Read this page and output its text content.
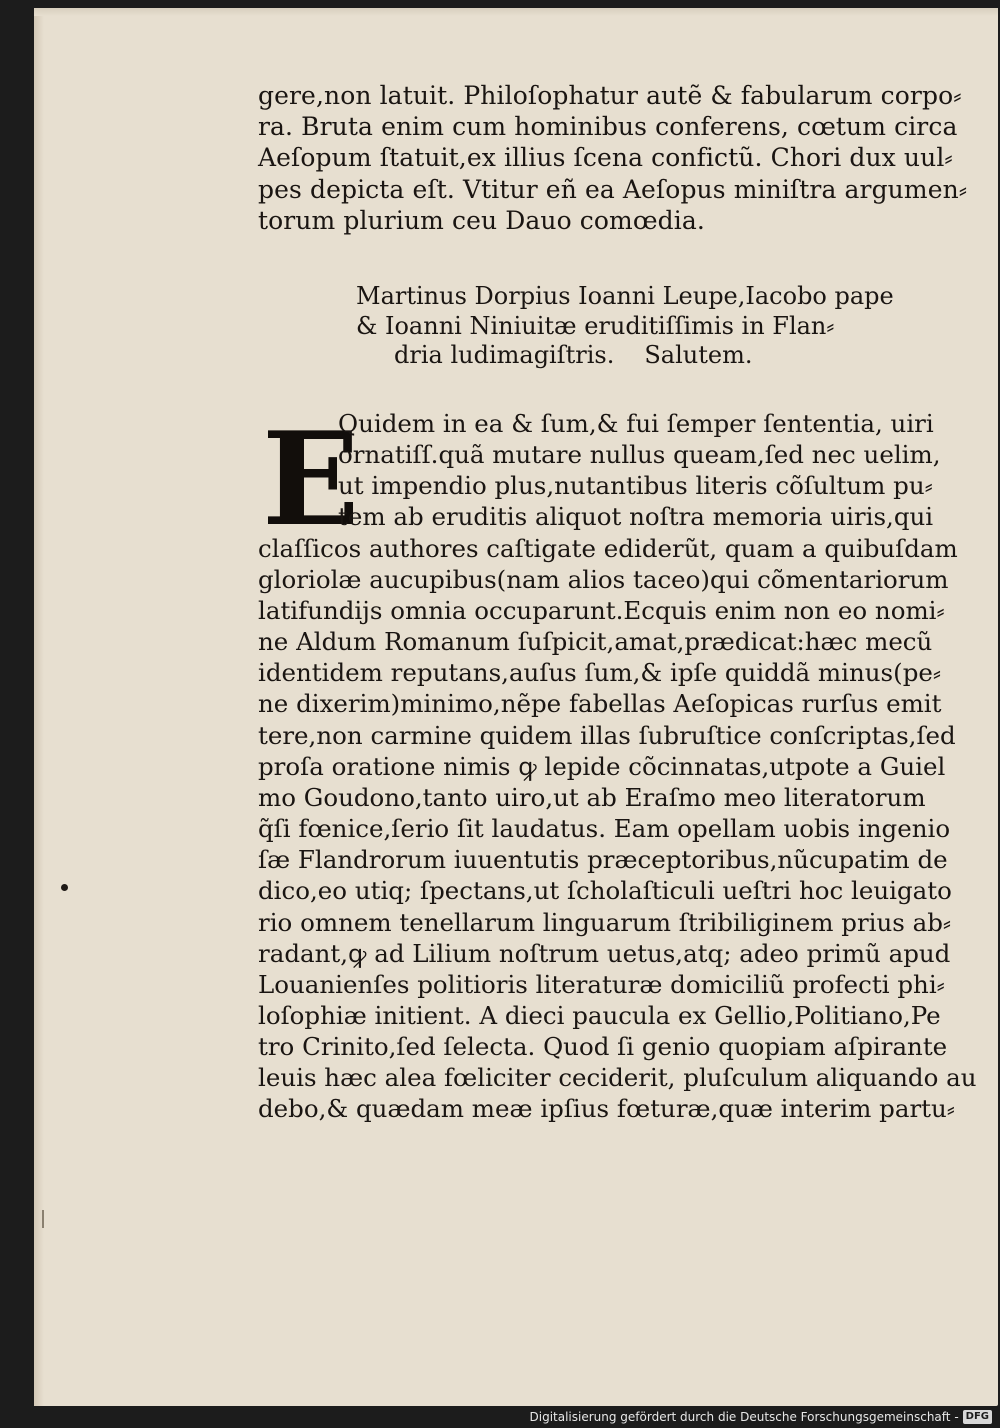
gere,non latuit. Philoſophatur autẽ & fabularum corpo⸗
ra. Bruta enim cum hominibus conferens, cœtum circa
Aeſopum ſtatuit,ex illius ſcena confictũ. Chori dux uul⸗
pes depicta eſt. Vtitur eñ ea Aeſopus miniſtra argumen⸗
torum plurium ceu Dauo comœdia.
Martinus Dorpius Ioanni Leupe,Iacobo pape
& Ioanni Niniuitæ eruditiſſimis in Flan⸗
dria ludimagiſtris. Salutem.
E
Quidem in ea & ſum,& fui ſemper ſententia, uiri
ornatiſſ.quã mutare nullus queam,ſed nec uelim,
ut impendio plus,nutantibus literis cõſultum pu⸗
tem ab eruditis aliquot noſtra memoria uiris,qui
claſſicos authores caſtigate ediderũt, quam a quibuſdam
gloriolæ aucupibus(nam alios taceo)qui cõmentariorum
latifundijs omnia occuparunt.Ecquis enim non eo nomi⸗
ne Aldum Romanum ſuſpicit,amat,prædicat:hæc mecũ
identidem reputans,auſus ſum,& ipſe quiddã minus(pe⸗
ne dixerim)minimo,nẽpe fabellas Aeſopicas rurſus emit
tere,non carmine quidem illas ſubruſtice conſcriptas,ſed
proſa oratione nimis ꝙ lepide cõcinnatas,utpote a Guiel
mo Goudono,tanto uiro,ut ab Eraſmo meo literatorum
q̃ſi fœnice,ſerio ſit laudatus. Eam opellam uobis ingenio
ſæ Flandrorum iuuentutis præceptoribus,nũcupatim de
dico,eo utiq; ſpectans,ut ſcholaſticuli ueſtri hoc leuigato
rio omnem tenellarum linguarum ſtribiliginem prius ab⸗
radant,ꝙ ad Lilium noſtrum uetus,atq; adeo primũ apud
Louanienſes politioris literaturæ domiciliũ profecti phi⸗
loſophiæ initient. A dieci paucula ex Gellio,Politiano,Pe
tro Crinito,ſed ſelecta. Quod ſi genio quopiam aſpirante
leuis hæc alea fœliciter ceciderit, pluſculum aliquando au
debo,& quædam meæ ipſius fœturæ,quæ interim partu⸗
Digitalisierung gefördert durch die Deutsche Forschungsgemeinschaft - DFG
